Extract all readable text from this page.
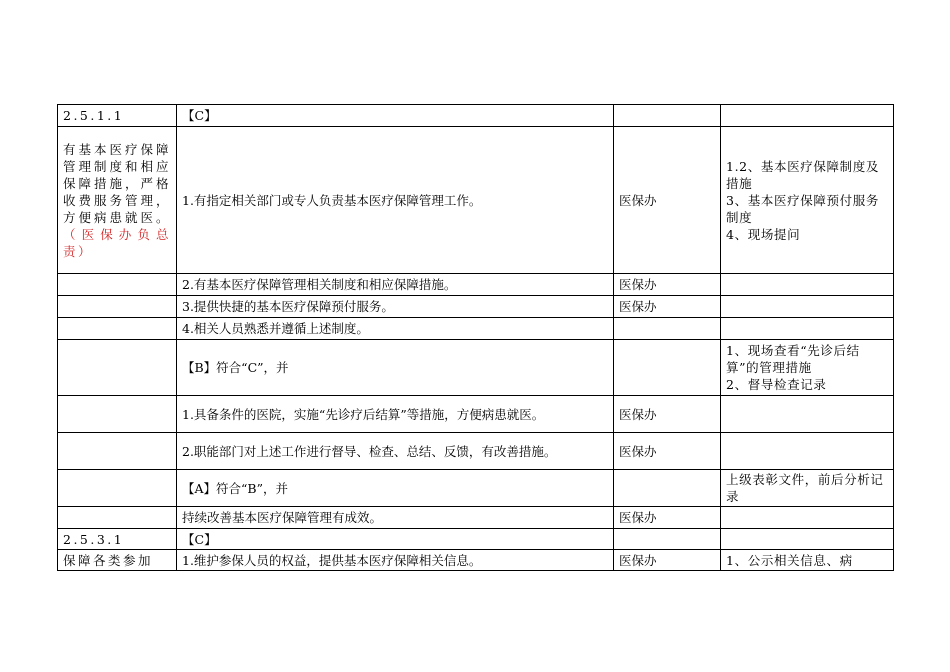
2.5.1.1	【C】		
有基本医疗保障管理制度和相应保障措施，严格收费服务管理，方便病患就医。（医保办负总责）	1.有指定相关部门或专人负责基本医疗保障管理工作。	医保办	1.2、基本医疗保障制度及措施
3、基本医疗保障预付服务制度
4、现场提问
	2.有基本医疗保障管理相关制度和相应保障措施。	医保办	
	3.提供快捷的基本医疗保障预付服务。	医保办	
	4.相关人员熟悉并遵循上述制度。		
	【B】符合“C”，并		1、现场查看“先诊后结算”的管理措施
2、督导检查记录
	1.具备条件的医院，实施“先诊疗后结算”等措施，方便病患就医。	医保办	
	2.职能部门对上述工作进行督导、检查、总结、反馈，有改善措施。	医保办	
	【A】符合“B”，并		上级表彰文件，前后分析记录
	持续改善基本医疗保障管理有成效。	医保办	
2.5.3.1	【C】		
保障各类参加	1.维护参保人员的权益，提供基本医疗保障相关信息。	医保办	1、公示相关信息、病
